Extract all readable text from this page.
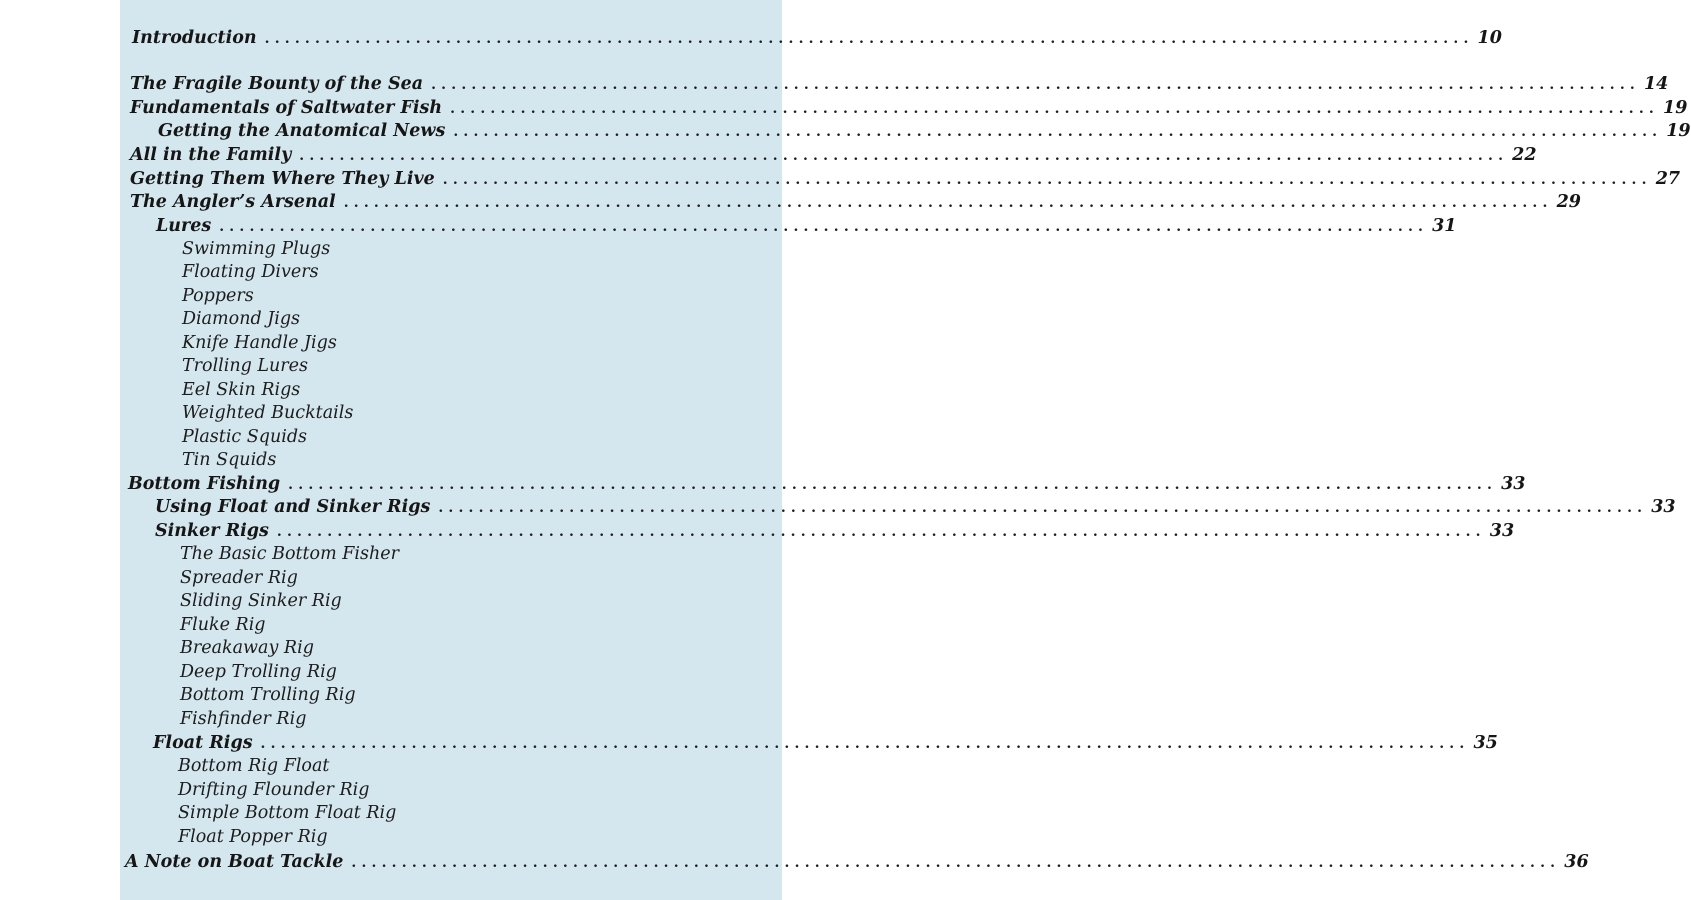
Introduction ........................................................................................................................ 10
The Fragile Bounty of the Sea ........................................................................................................................ 14
Fundamentals of Saltwater Fish ........................................................................................................................ 19
Getting the Anatomical News ........................................................................................................................ 19
All in the Family ........................................................................................................................ 22
Getting Them Where They Live ........................................................................................................................ 27
The Angler’s Arsenal ........................................................................................................................ 29
Lures ........................................................................................................................ 31
Swimming Plugs
Floating Divers
Poppers
Diamond Jigs
Knife Handle Jigs
Trolling Lures
Eel Skin Rigs
Weighted Bucktails
Plastic Squids
Tin Squids
Bottom Fishing ........................................................................................................................ 33
Using Float and Sinker Rigs ........................................................................................................................ 33
Sinker Rigs ........................................................................................................................ 33
The Basic Bottom Fisher
Spreader Rig
Sliding Sinker Rig
Fluke Rig
Breakaway Rig
Deep Trolling Rig
Bottom Trolling Rig
Fishfinder Rig
Float Rigs ........................................................................................................................ 35
Bottom Rig Float
Drifting Flounder Rig
Simple Bottom Float Rig
Float Popper Rig
A Note on Boat Tackle ........................................................................................................................ 36
